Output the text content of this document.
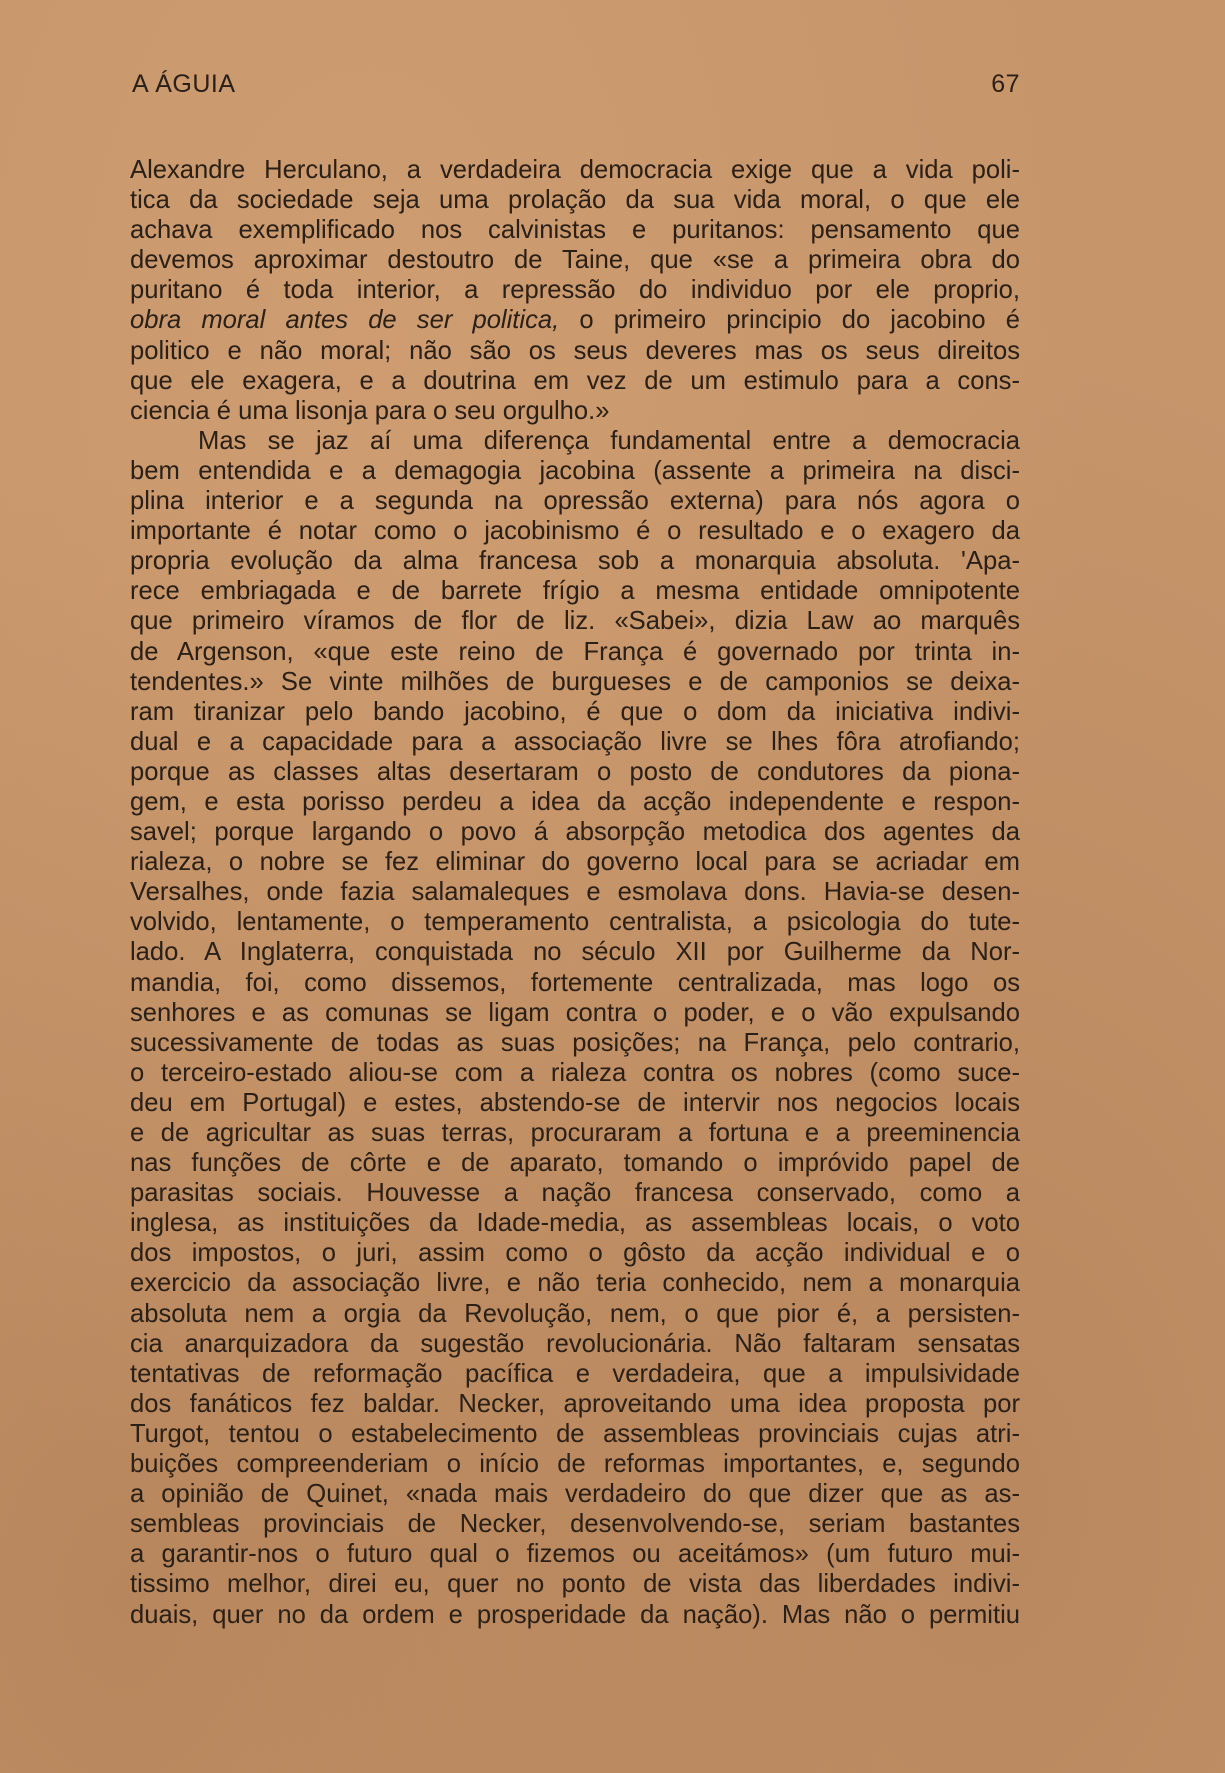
A ÁGUIA	67
Alexandre Herculano, a verdadeira democracia exige que a vida poli-
tica da sociedade seja uma prolação da sua vida moral, o que ele
achava exemplificado nos calvinistas e puritanos: pensamento que
devemos aproximar destoutro de Taine, que «se a primeira obra do
puritano é toda interior, a repressão do individuo por ele proprio,
obra moral antes de ser politica, o primeiro principio do jacobino é
politico e não moral; não são os seus deveres mas os seus direitos
que ele exagera, e a doutrina em vez de um estimulo para a cons-
ciencia é uma lisonja para o seu orgulho.»
Mas se jaz aí uma diferença fundamental entre a democracia
bem entendida e a demagogia jacobina (assente a primeira na disci-
plina interior e a segunda na opressão externa) para nós agora o
importante é notar como o jacobinismo é o resultado e o exagero da
propria evolução da alma francesa sob a monarquia absoluta. 'Apa-
rece embriagada e de barrete frígio a mesma entidade omnipotente
que primeiro víramos de flor de liz. «Sabei», dizia Law ao marquês
de Argenson, «que este reino de França é governado por trinta in-
tendentes.» Se vinte milhões de burgueses e de camponios se deixa-
ram tiranizar pelo bando jacobino, é que o dom da iniciativa indivi-
dual e a capacidade para a associação livre se lhes fôra atrofiando;
porque as classes altas desertaram o posto de condutores da piona-
gem, e esta porisso perdeu a idea da acção independente e respon-
savel; porque largando o povo á absorpção metodica dos agentes da
rialeza, o nobre se fez eliminar do governo local para se acriadar em
Versalhes, onde fazia salamaleques e esmolava dons. Havia-se desen-
volvido, lentamente, o temperamento centralista, a psicologia do tute-
lado. A Inglaterra, conquistada no século XII por Guilherme da Nor-
mandia, foi, como dissemos, fortemente centralizada, mas logo os
senhores e as comunas se ligam contra o poder, e o vão expulsando
sucessivamente de todas as suas posições; na França, pelo contrario,
o terceiro-estado aliou-se com a rialeza contra os nobres (como suce-
deu em Portugal) e estes, abstendo-se de intervir nos negocios locais
e de agricultar as suas terras, procuraram a fortuna e a preeminencia
nas funções de côrte e de aparato, tomando o impróvido papel de
parasitas sociais. Houvesse a nação francesa conservado, como a
inglesa, as instituições da Idade-media, as assembleas locais, o voto
dos impostos, o juri, assim como o gôsto da acção individual e o
exercicio da associação livre, e não teria conhecido, nem a monarquia
absoluta nem a orgia da Revolução, nem, o que pior é, a persisten-
cia anarquizadora da sugestão revolucionária. Não faltaram sensatas
tentativas de reformação pacífica e verdadeira, que a impulsividade
dos fanáticos fez baldar. Necker, aproveitando uma idea proposta por
Turgot, tentou o estabelecimento de assembleas provinciais cujas atri-
buições compreenderiam o início de reformas importantes, e, segundo
a opinião de Quinet, «nada mais verdadeiro do que dizer que as as-
sembleas provinciais de Necker, desenvolvendo-se, seriam bastantes
a garantir-nos o futuro qual o fizemos ou aceitámos» (um futuro mui-
tissimo melhor, direi eu, quer no ponto de vista das liberdades indivi-
duais, quer no da ordem e prosperidade da nação). Mas não o permitiu
